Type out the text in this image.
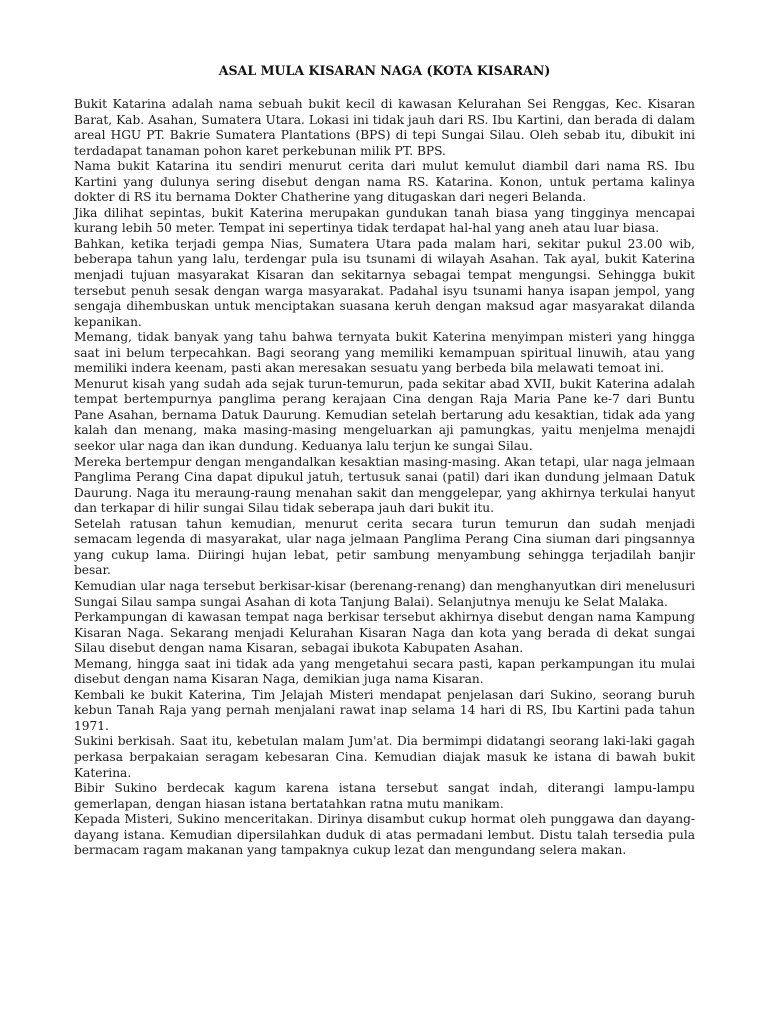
ASAL MULA KISARAN NAGA (KOTA KISARAN)

Bukit Katarina adalah nama sebuah bukit kecil di kawasan Kelurahan Sei Renggas, Kec. Kisaran Barat, Kab. Asahan, Sumatera Utara. Lokasi ini tidak jauh dari RS. Ibu Kartini, dan berada di dalam areal HGU PT. Bakrie Sumatera Plantations (BPS) di tepi Sungai Silau. Oleh sebab itu, dibukit ini terdadapat tanaman pohon karet perkebunan milik PT. BPS.

Nama bukit Katarina itu sendiri menurut cerita dari mulut kemulut diambil dari nama RS. Ibu Kartini yang dulunya sering disebut dengan nama RS. Katarina. Konon, untuk pertama kalinya dokter di RS itu bernama Dokter Chatherine yang ditugaskan dari negeri Belanda.

Jika dilihat sepintas, bukit Katerina merupakan gundukan tanah biasa yang tingginya mencapai kurang lebih 50 meter. Tempat ini sepertinya tidak terdapat hal-hal yang aneh atau luar biasa.

Bahkan, ketika terjadi gempa Nias, Sumatera Utara pada malam hari, sekitar pukul 23.00 wib, beberapa tahun yang lalu, terdengar pula isu tsunami di wilayah Asahan. Tak ayal, bukit Katerina menjadi tujuan masyarakat Kisaran dan sekitarnya sebagai tempat mengungsi. Sehingga bukit tersebut penuh sesak dengan warga masyarakat. Padahal isyu tsunami hanya isapan jempol, yang sengaja dihembuskan untuk menciptakan suasana keruh dengan maksud agar masyarakat dilanda kepanikan.

Memang, tidak banyak yang tahu bahwa ternyata bukit Katerina menyimpan misteri yang hingga saat ini belum terpecahkan. Bagi seorang yang memiliki kemampuan spiritual linuwih, atau yang memiliki indera keenam, pasti akan meresakan sesuatu yang berbeda bila melawati temoat ini.

Menurut kisah yang sudah ada sejak turun-temurun, pada sekitar abad XVII, bukit Katerina adalah tempat bertempurnya panglima perang kerajaan Cina dengan Raja Maria Pane ke-7 dari Buntu Pane Asahan, bernama Datuk Daurung. Kemudian setelah bertarung adu kesaktian, tidak ada yang kalah dan menang, maka masing-masing mengeluarkan aji pamungkas, yaitu menjelma menajdi seekor ular naga dan ikan dundung. Keduanya lalu terjun ke sungai Silau.

Mereka bertempur dengan mengandalkan kesaktian masing-masing. Akan tetapi, ular naga jelmaan Panglima Perang Cina dapat dipukul jatuh, tertusuk sanai (patil) dari ikan dundung jelmaan Datuk Daurung. Naga itu meraung-raung menahan sakit dan menggelepar, yang akhirnya terkulai hanyut dan terkapar di hilir sungai Silau tidak seberapa jauh dari bukit itu.

Setelah ratusan tahun kemudian, menurut cerita secara turun temurun dan sudah menjadi semacam legenda di masyarakat, ular naga jelmaan Panglima Perang Cina siuman dari pingsannya yang cukup lama. Diiringi hujan lebat, petir sambung menyambung sehingga terjadilah banjir besar.

Kemudian ular naga tersebut berkisar-kisar (berenang-renang) dan menghanyutkan diri menelusuri Sungai Silau sampa sungai Asahan di kota Tanjung Balai). Selanjutnya menuju ke Selat Malaka.

Perkampungan di kawasan tempat naga berkisar tersebut akhirnya disebut dengan nama Kampung Kisaran Naga. Sekarang menjadi Kelurahan Kisaran Naga dan kota yang berada di dekat sungai Silau disebut dengan nama Kisaran, sebagai ibukota Kabupaten Asahan.

Memang, hingga saat ini tidak ada yang mengetahui secara pasti, kapan perkampungan itu mulai disebut dengan nama Kisaran Naga, demikian juga nama Kisaran.

Kembali ke bukit Katerina, Tim Jelajah Misteri mendapat penjelasan dari Sukino, seorang buruh kebun Tanah Raja yang pernah menjalani rawat inap selama 14 hari di RS, Ibu Kartini pada tahun 1971.

Sukini berkisah. Saat itu, kebetulan malam Jum'at. Dia bermimpi didatangi seorang laki-laki gagah perkasa berpakaian seragam kebesaran Cina. Kemudian diajak masuk ke istana di bawah bukit Katerina.

Bibir Sukino berdecak kagum karena istana tersebut sangat indah, diterangi lampu-lampu gemerlapan, dengan hiasan istana bertatahkan ratna mutu manikam.

Kepada Misteri, Sukino menceritakan. Dirinya disambut cukup hormat oleh punggawa dan dayang-dayang istana. Kemudian dipersilahkan duduk di atas permadani lembut. Distu talah tersedia pula bermacam ragam makanan yang tampaknya cukup lezat dan mengundang selera makan.
